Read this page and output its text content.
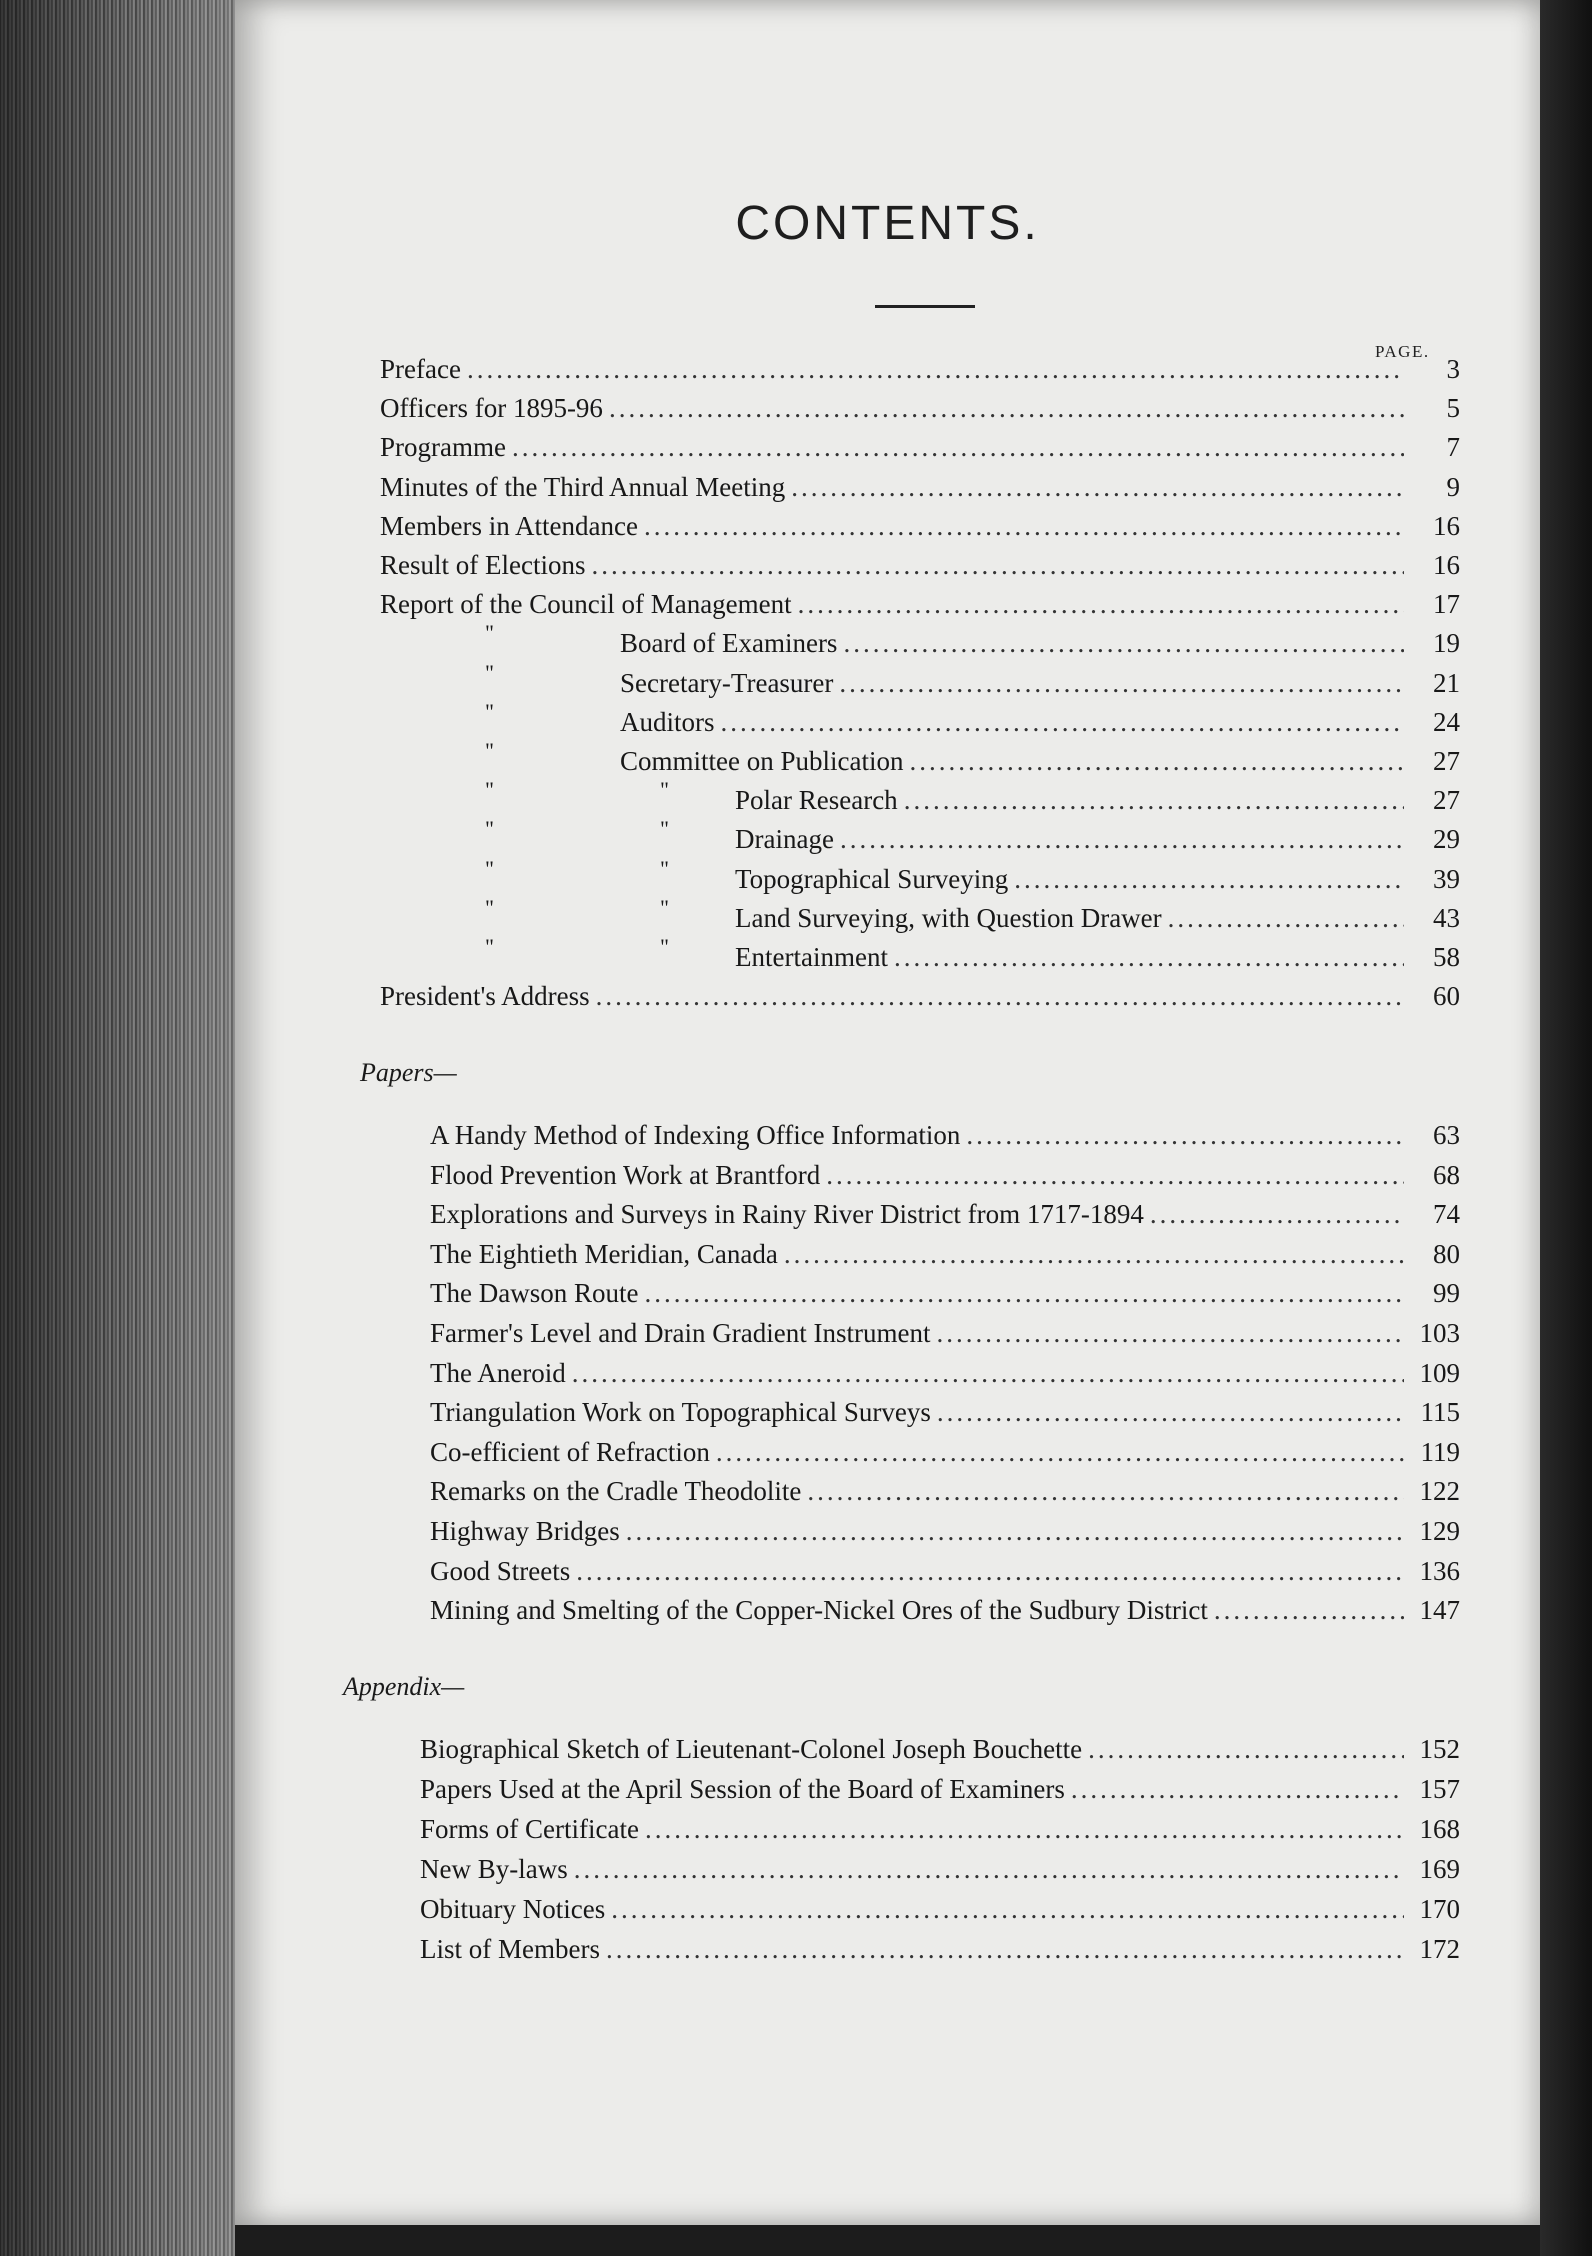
CONTENTS.
PAGE.
Papers—
Appendix—
Preface .....	3
Officers for 1895-96 .....	5
Programme .....	7
Minutes of the Third Annual Meeting .....	9
Members in Attendance .....	16
Result of Elections .....	16
Report of the Council of Management .....	17
"	Board of Examiners .....	19
"	Secretary-Treasurer .....	21
"	Auditors .....	24
"	Committee on Publication .....	27
"	" Polar Research .....	27
"	" Drainage .....	29
"	" Topographical Surveying .....	39
"	" Land Surveying, with Question Drawer .....	43
"	" Entertainment .....	58
President's Address .....	60
A Handy Method of Indexing Office Information .....	63
Flood Prevention Work at Brantford .....	68
Explorations and Surveys in Rainy River District from 1717-1894 .....	74
The Eightieth Meridian, Canada .....	80
The Dawson Route .....	99
Farmer's Level and Drain Gradient Instrument .....	103
The Aneroid .....	109
Triangulation Work on Topographical Surveys .....	115
Co-efficient of Refraction .....	119
Remarks on the Cradle Theodolite .....	122
Highway Bridges .....	129
Good Streets .....	136
Mining and Smelting of the Copper-Nickel Ores of the Sudbury District .....	147
Biographical Sketch of Lieutenant-Colonel Joseph Bouchette .....	152
Papers Used at the April Session of the Board of Examiners .....	157
Forms of Certificate .....	168
New By-laws .....	169
Obituary Notices .....	170
List of Members .....	172
